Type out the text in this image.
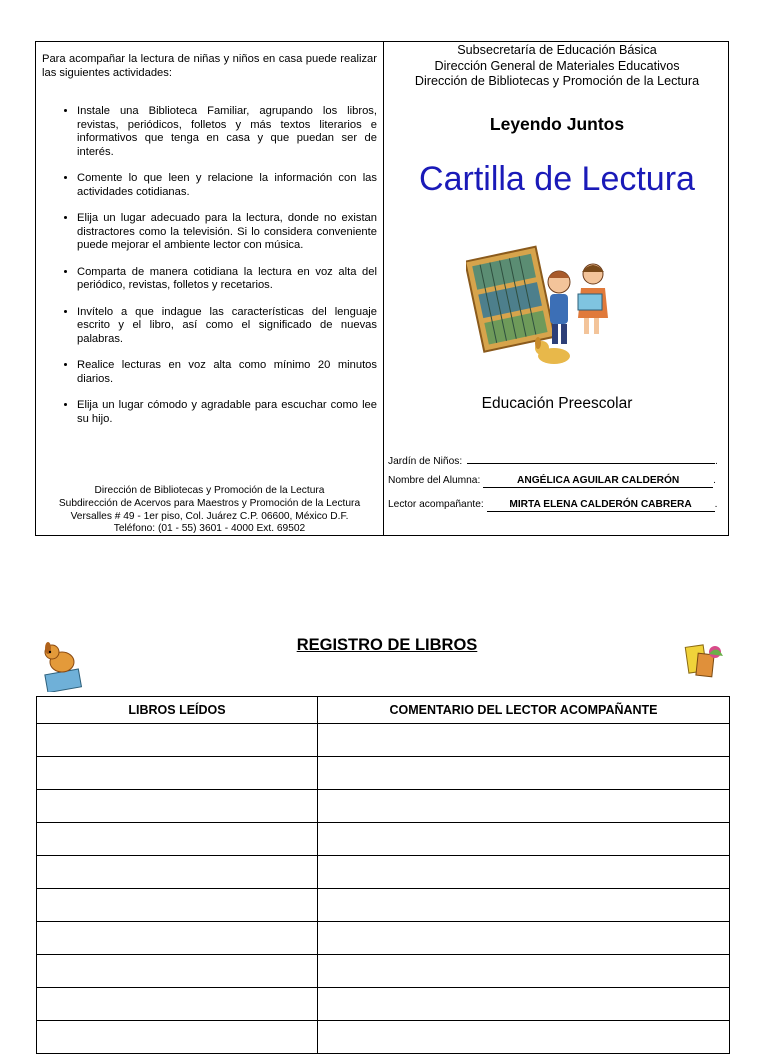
Para acompañar la lectura de niñas y niños en casa puede realizar las siguientes actividades:

• Instale una Biblioteca Familiar, agrupando los libros, revistas, periódicos, folletos y más textos literarios e informativos que tenga en casa y que puedan ser de interés.
• Comente lo que leen y relacione la información con las actividades cotidianas.
• Elija un lugar adecuado para la lectura, donde no existan distractores como la televisión. Si lo considera conveniente puede mejorar el ambiente lector con música.
• Comparta de manera cotidiana la lectura en voz alta del periódico, revistas, folletos y recetarios.
• Invítelo a que indague las características del lenguaje escrito y el libro, así como el significado de nuevas palabras.
• Realice lecturas en voz alta como mínimo 20 minutos diarios.
• Elija un lugar cómodo y agradable para escuchar como lee su hijo.
Dirección de Bibliotecas y Promoción de la Lectura
Subdirección de Acervos para Maestros y Promoción de la Lectura
Versalles # 49 - 1er piso, Col. Juárez C.P. 06600, México D.F.
Teléfono: (01 - 55) 3601 - 4000 Ext. 69502
Subsecretaría de Educación Básica
Dirección General de Materiales Educativos
Dirección de Bibliotecas y Promoción de la Lectura
Leyendo Juntos
Cartilla de Lectura
Educación Preescolar
Jardín de Niños:	.
Nombre del Alumna:	ANGÉLICA AGUILAR CALDERÓN	.
Lector acompañante:	MIRTA ELENA CALDERÓN CABRERA .
REGISTRO DE LIBROS
LIBROS LEÍDOS	COMENTARIO DEL LECTOR ACOMPAÑANTE
